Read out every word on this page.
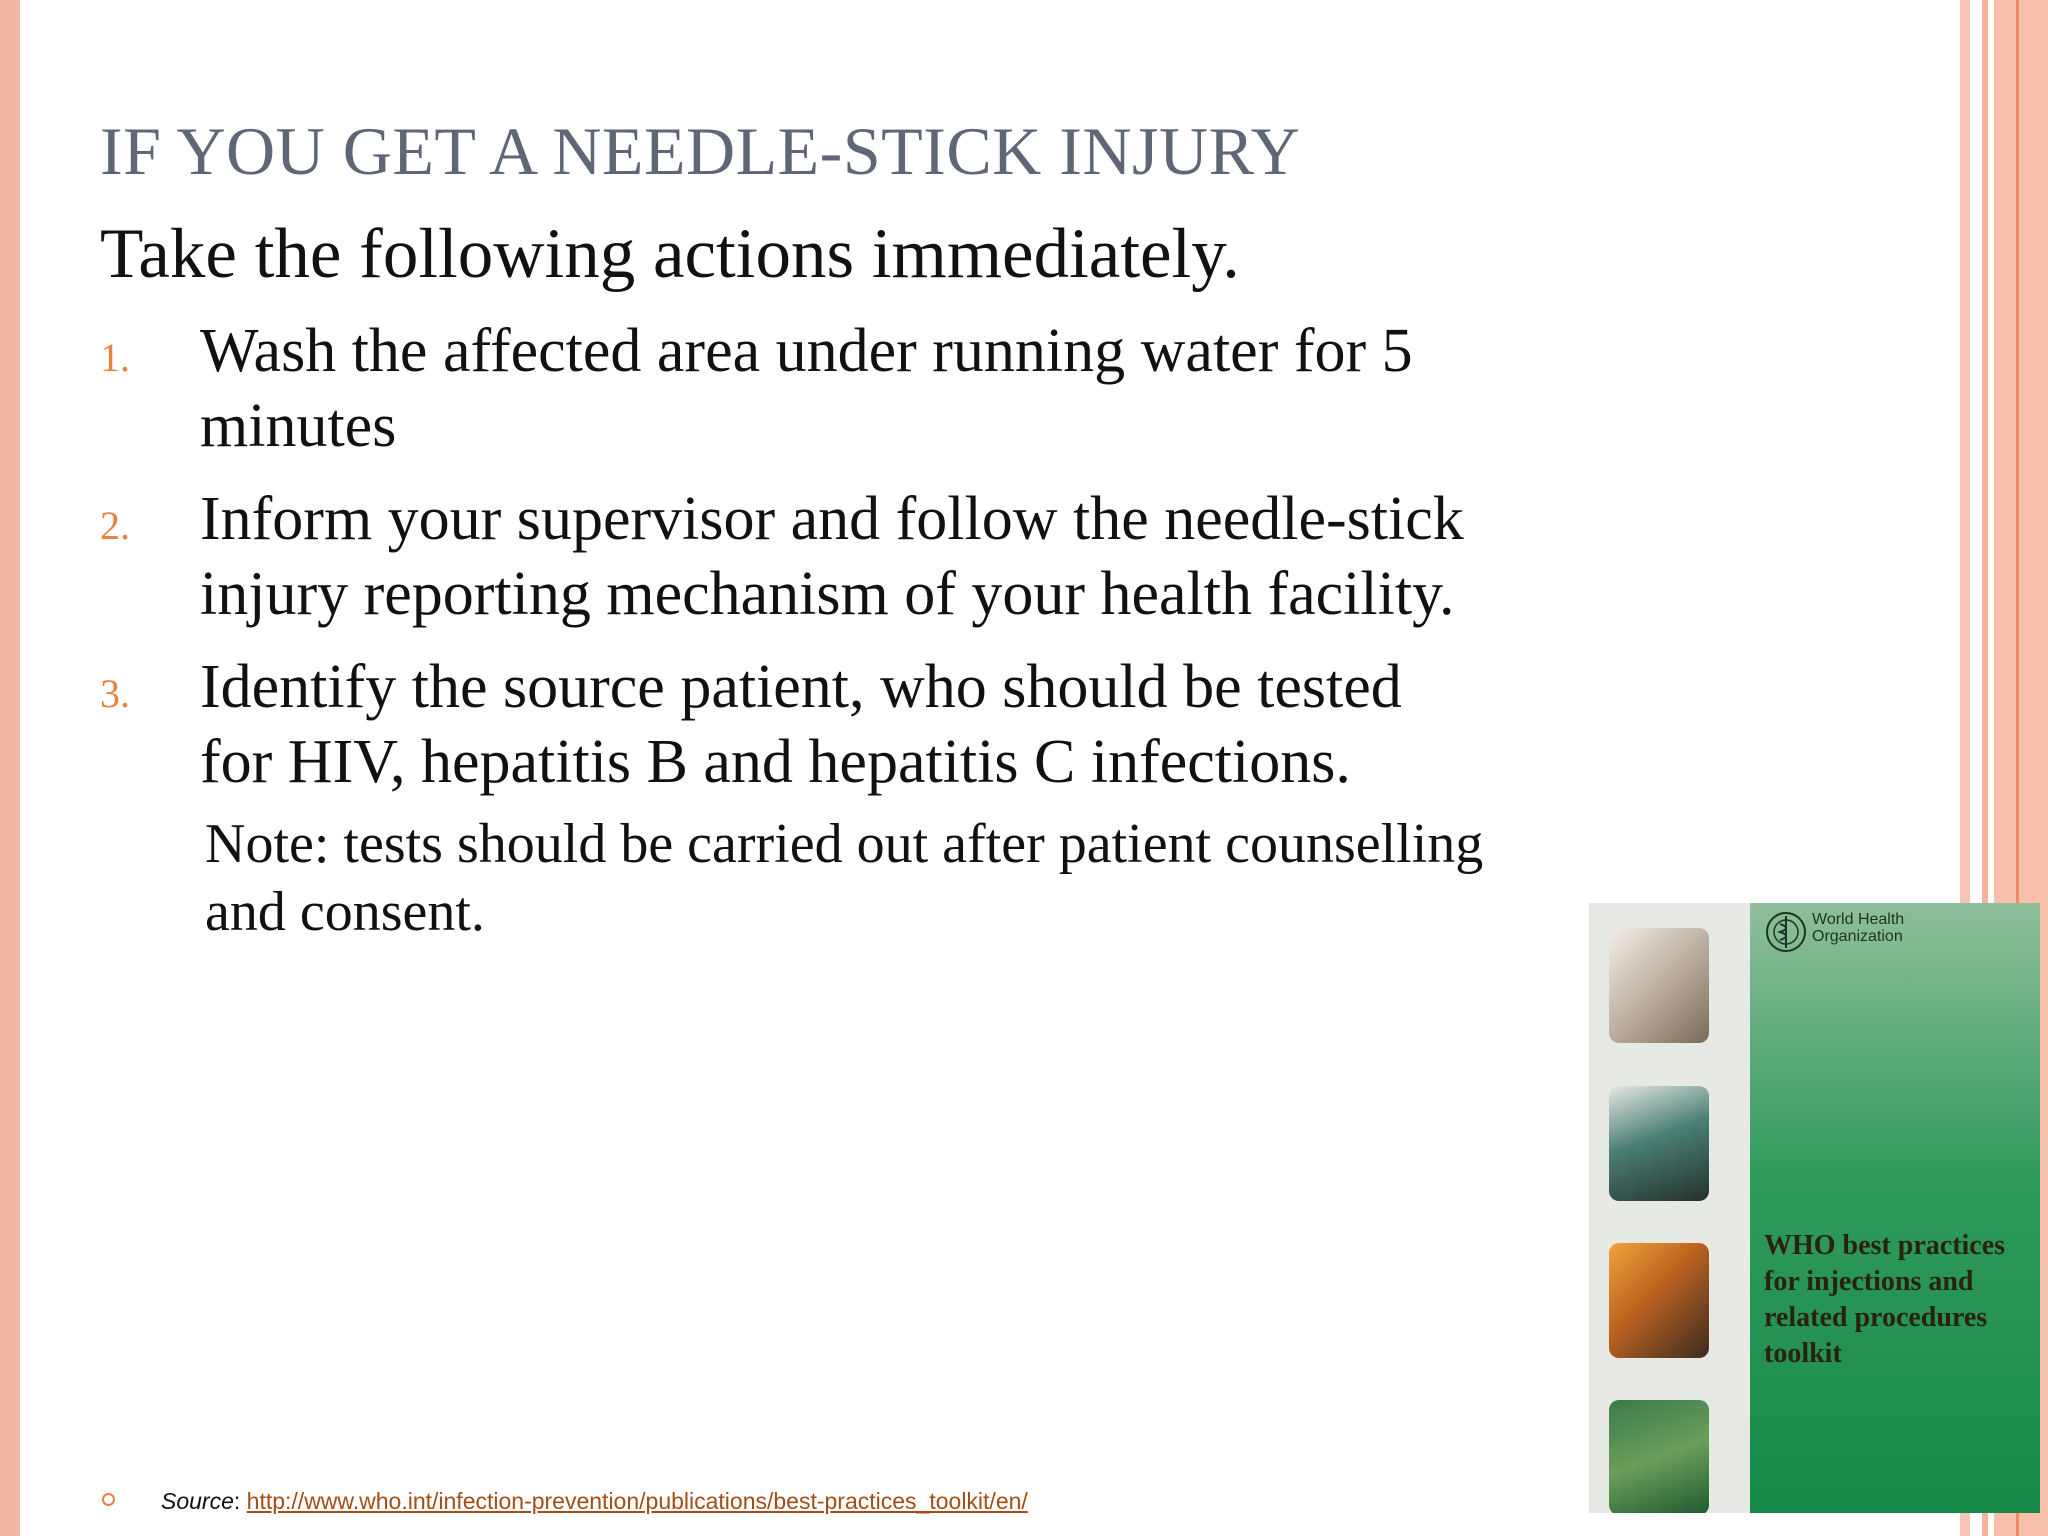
IF YOU GET A NEEDLE-STICK INJURY
Take the following actions immediately.
1. Wash the affected area under running water for 5
minutes
2. Inform your supervisor and follow the needle-stick
injury reporting mechanism of your health facility.
3. Identify the source patient, who should be tested
for HIV, hepatitis B and hepatitis C infections.
Note: tests should be carried out after patient counselling
and consent.	World Health
Organization
WHO best practices
for injections and
related procedures
toolkit
Source: http://www.who.int/infection-prevention/publications/best-practices_toolkit/en/
